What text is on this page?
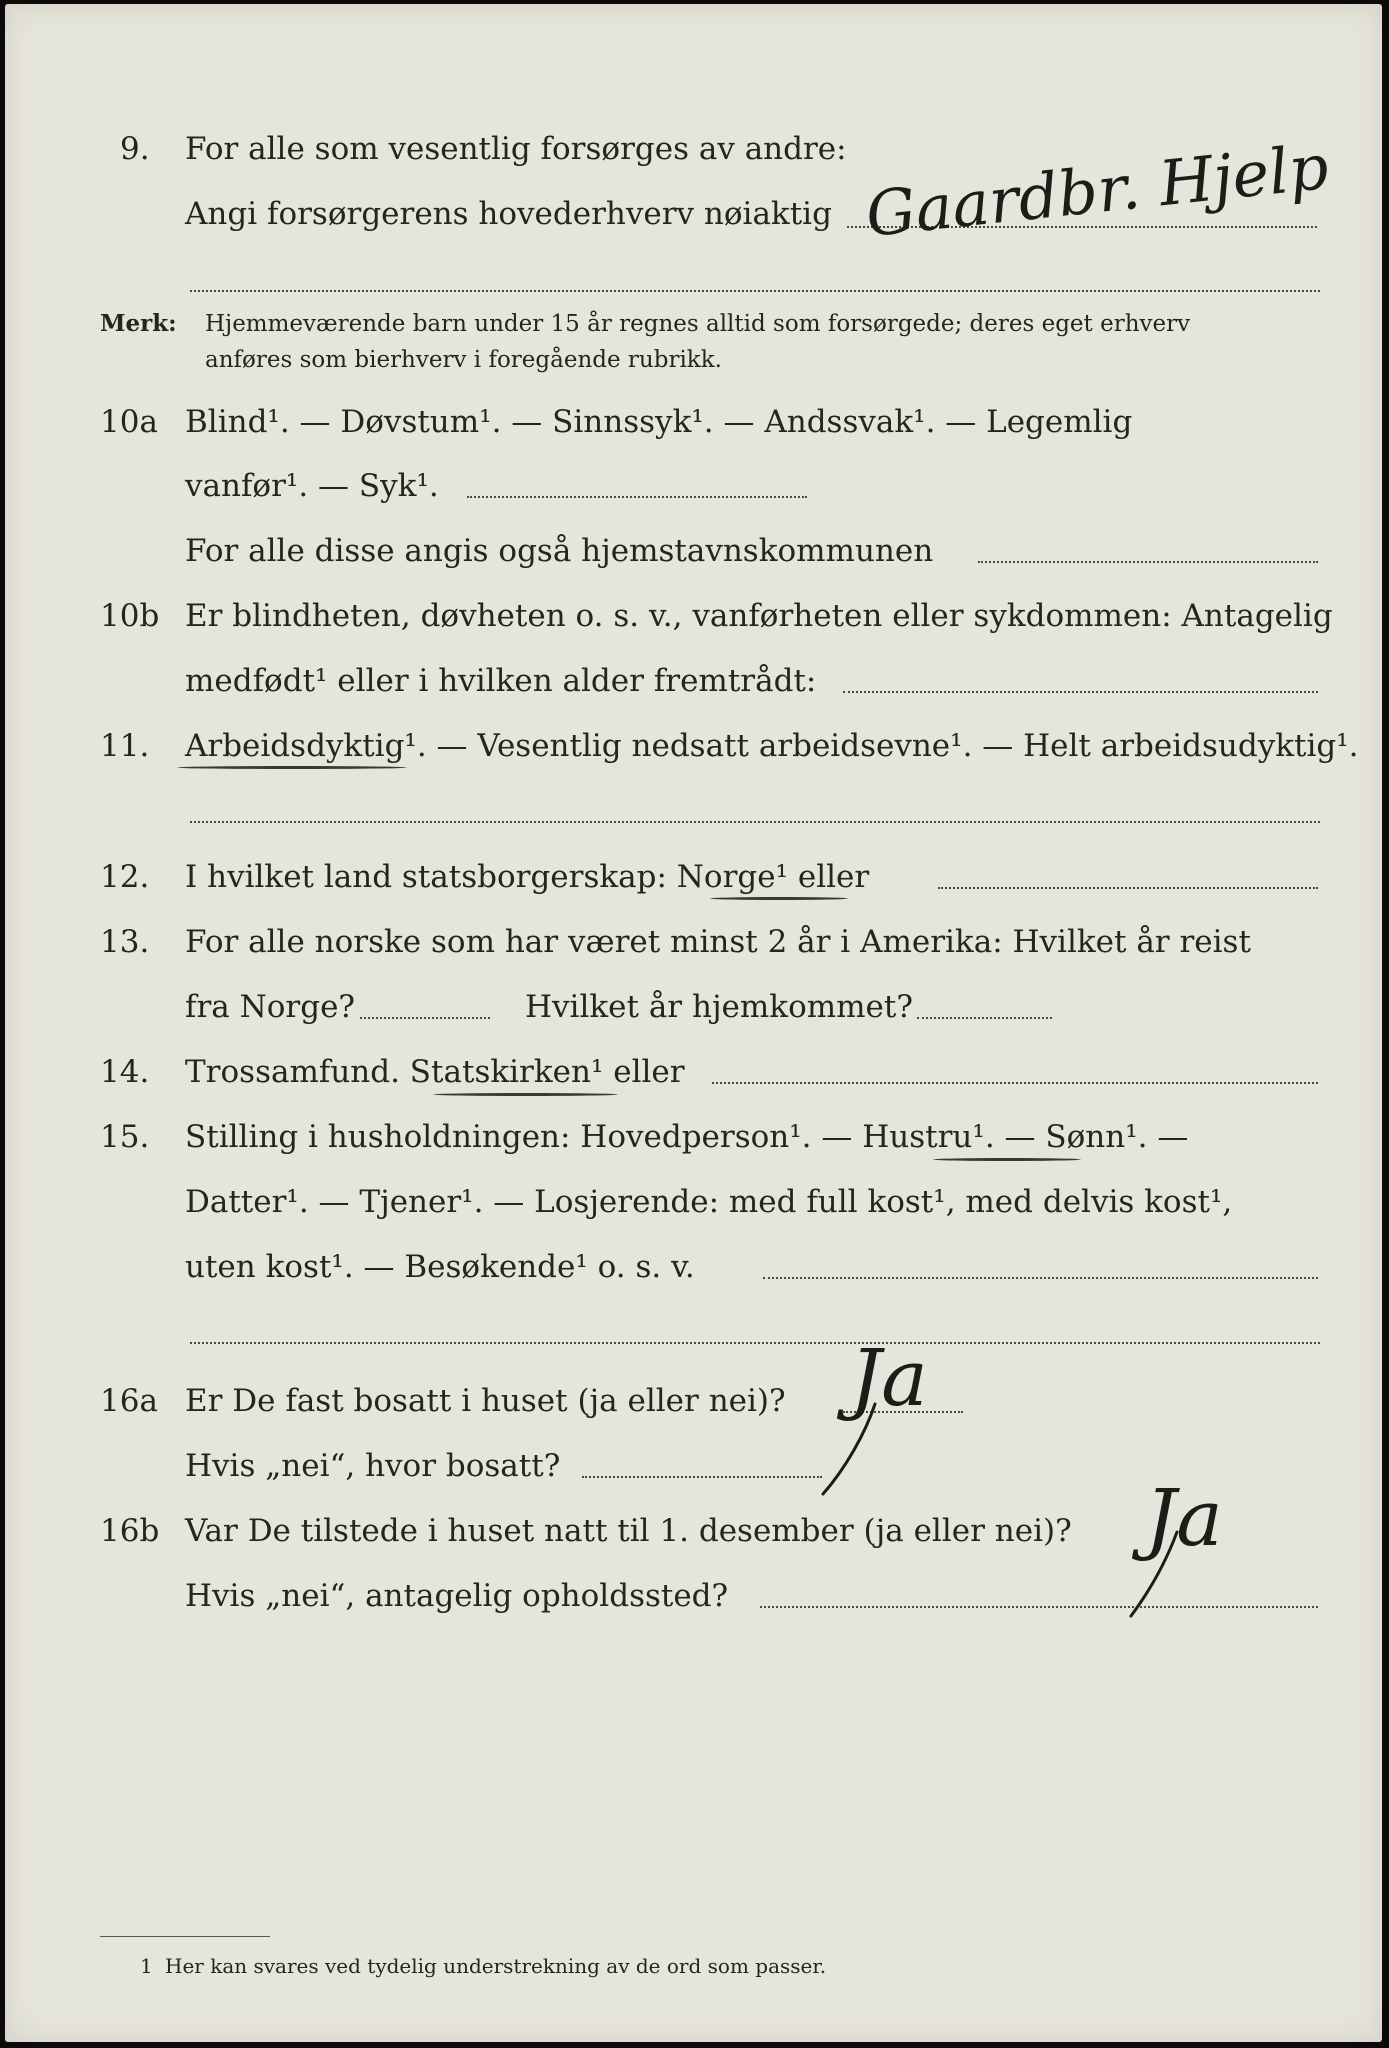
9. For alle som vesentlig forsørges av andre:
Angi forsørgerens hovederhverv nøiaktig Gaardbr. Hjelp
Merk: Hjemmeværende barn under 15 år regnes alltid som forsørgede; deres eget erhverv
anføres som bierhverv i foregående rubrikk.
10a Blind¹. — Døvstum¹. — Sinnssyk¹. — Andssvak¹. — Legemlig
vanfør¹. — Syk¹.
For alle disse angis også hjemstavnskommunen
10b Er blindheten, døvheten o. s. v., vanførheten eller sykdommen: Antagelig
medfødt¹ eller i hvilken alder fremtrådt:
11. Arbeidsdyktig¹. — Vesentlig nedsatt arbeidsevne¹. — Helt arbeidsudyktig¹.
12. I hvilket land statsborgerskap: Norge¹ eller
13. For alle norske som har været minst 2 år i Amerika: Hvilket år reist
fra Norge?	Hvilket år hjemkommet?
14. Trossamfund. Statskirken¹ eller
15. Stilling i husholdningen: Hovedperson¹. — Hustru¹. — Sønn¹. —
Datter¹. — Tjener¹. — Losjerende: med full kost¹, med delvis kost¹,
uten kost¹. — Besøkende¹ o. s. v.
16a Er De fast bosatt i huset (ja eller nei)? Ja
Hvis „nei“, hvor bosatt?
16b Var De tilstede i huset natt til 1. desember (ja eller nei)? Ja
Hvis „nei“, antagelig opholdssted?
1 Her kan svares ved tydelig understrekning av de ord som passer.
